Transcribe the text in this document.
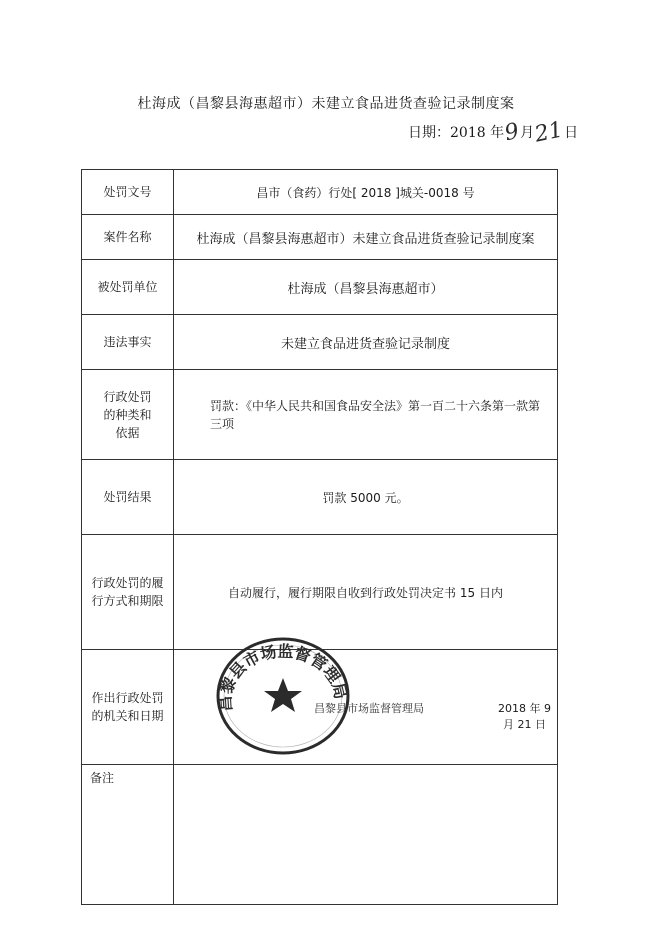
杜海成（昌黎县海惠超市）未建立食品进货查验记录制度案
日期：2018 年
9
月
21
日
处罚文号	昌市（食药）行处[ 2018 ]城关-0018 号
案件名称	杜海成（昌黎县海惠超市）未建立食品进货查验记录制度案
被处罚单位	杜海成（昌黎县海惠超市）
违法事实	未建立食品进货查验记录制度
行政处罚的种类和依据	罚款：《中华人民共和国食品安全法》第一百二十六条第一款第三项
处罚结果	罚款 5000 元。
行政处罚的履行方式和期限	自动履行，履行期限自收到行政处罚决定书 15 日内
作出行政处罚的机关和日期	昌黎县市场监督管理局 2018 年 9 月 21 日

备注	
昌黎县市场监督管理局
